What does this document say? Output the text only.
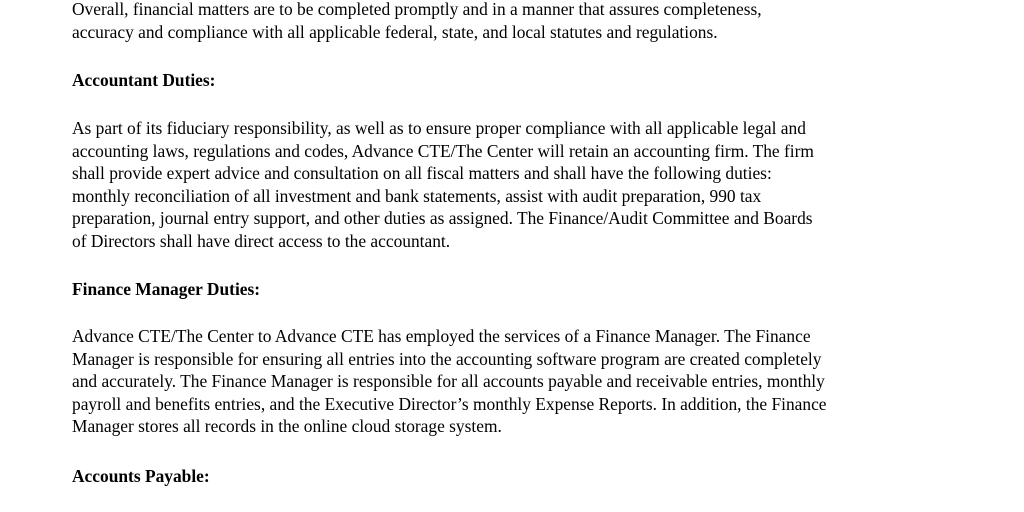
Overall, financial matters are to be completed promptly and in a manner that assures completeness,
accuracy and compliance with all applicable federal, state, and local statutes and regulations.

Accountant Duties:

As part of its fiduciary responsibility, as well as to ensure proper compliance with all applicable legal and
accounting laws, regulations and codes, Advance CTE/The Center will retain an accounting firm. The firm
shall provide expert advice and consultation on all fiscal matters and shall have the following duties:
monthly reconciliation of all investment and bank statements, assist with audit preparation, 990 tax
preparation, journal entry support, and other duties as assigned. The Finance/Audit Committee and Boards
of Directors shall have direct access to the accountant.

Finance Manager Duties:

Advance CTE/The Center to Advance CTE has employed the services of a Finance Manager. The Finance
Manager is responsible for ensuring all entries into the accounting software program are created completely
and accurately. The Finance Manager is responsible for all accounts payable and receivable entries, monthly
payroll and benefits entries, and the Executive Director’s monthly Expense Reports. In addition, the Finance
Manager stores all records in the online cloud storage system.

Accounts Payable:
